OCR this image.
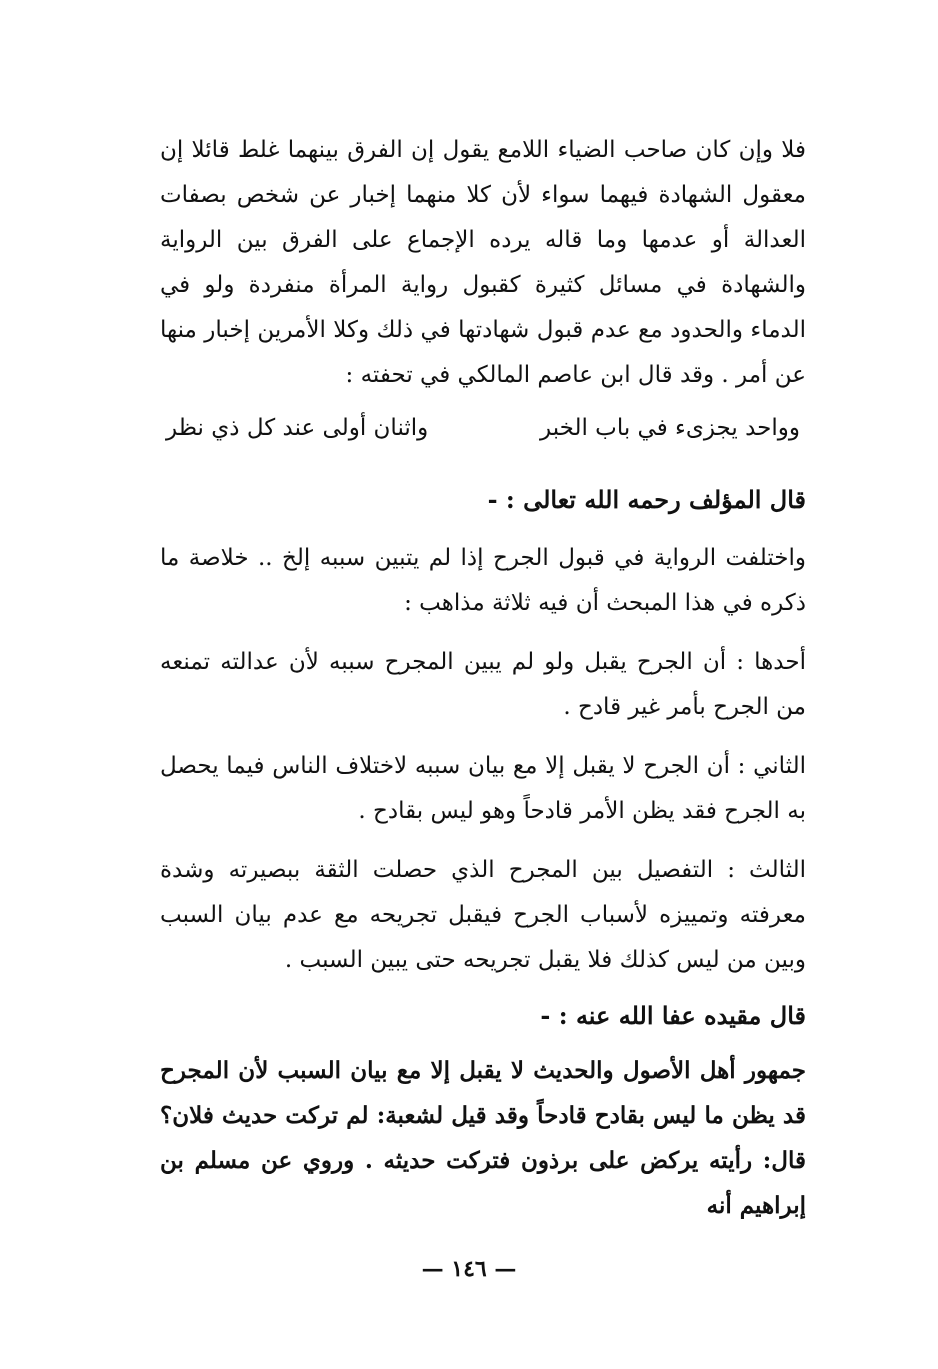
فلا وإن كان صاحب الضياء اللامع يقول إن الفرق بينهما غلط قائلا إن معقول الشهادة فيهما سواء لأن كلا منهما إخبار عن شخص بصفات العدالة أو عدمها وما قاله يرده الإجماع على الفرق بين الرواية والشهادة في مسائل كثيرة كقبول رواية المرأة منفردة ولو في الدماء والحدود مع عدم قبول شهادتها في ذلك وكلا الأمرين إخبار منها عن أمر . وقد قال ابن عاصم المالكي في تحفته :

وواحد يجزىء في باب الخبر
واثنان أولى عند كل ذي نظر
قال المؤلف رحمه الله تعالى : -

واختلفت الرواية في قبول الجرح إذا لم يتبين سببه إلخ .. خلاصة ما ذكره في هذا المبحث أن فيه ثلاثة مذاهب :

أحدها : أن الجرح يقبل ولو لم يبين المجرح سببه لأن عدالته تمنعه من الجرح بأمر غير قادح .

الثاني : أن الجرح لا يقبل إلا مع بيان سببه لاختلاف الناس فيما يحصل به الجرح فقد يظن الأمر قادحاً وهو ليس بقادح .

الثالث : التفصيل بين المجرح الذي حصلت الثقة ببصيرته وشدة معرفته وتمييزه لأسباب الجرح فيقبل تجريحه مع عدم بيان السبب وبين من ليس كذلك فلا يقبل تجريحه حتى يبين السبب .

قال مقيده عفا الله عنه : -

جمهور أهل الأصول والحديث لا يقبل إلا مع بيان السبب لأن المجرح قد يظن ما ليس بقادح قادحاً وقد قيل لشعبة: لم تركت حديث فلان؟ قال: رأيته يركض على برذون فتركت حديثه . وروي عن مسلم بن إبراهيم أنه

— ١٤٦ —
